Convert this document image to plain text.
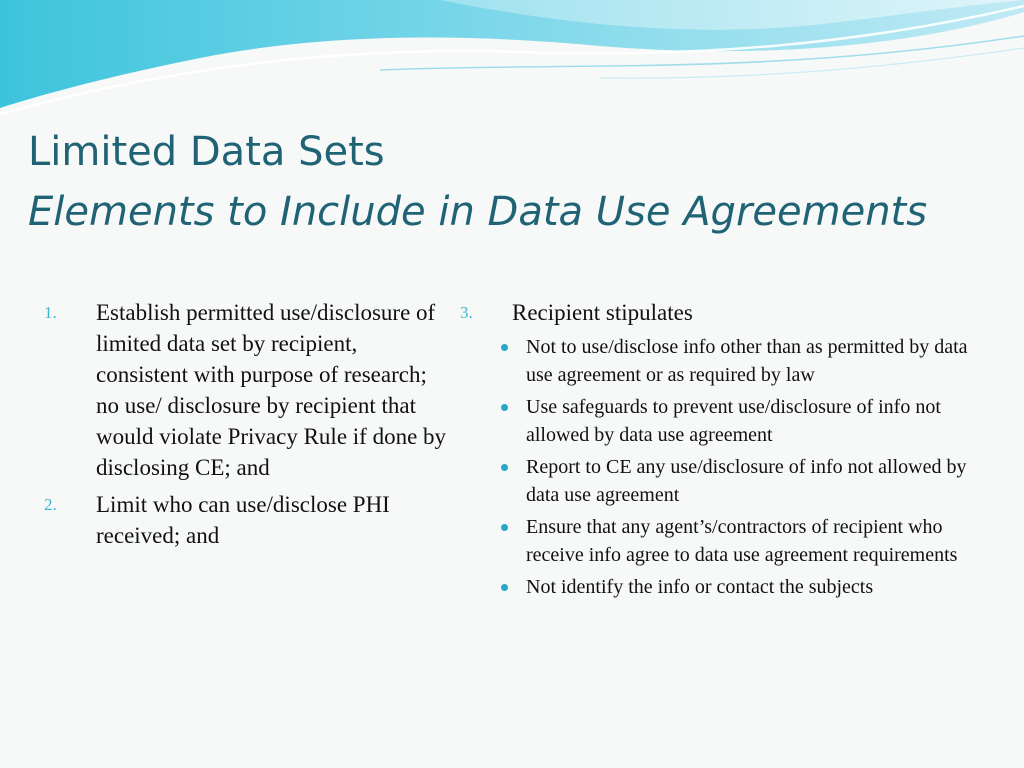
Limited Data Sets
Elements to Include in Data Use Agreements
1. Establish permitted use/disclosure of limited data set by recipient, consistent with purpose of research; no use/ disclosure by recipient that would violate Privacy Rule if done by disclosing CE; and
2. Limit who can use/disclose PHI received; and
3. Recipient stipulates
Not to use/disclose info other than as permitted by data use agreement or as required by law
Use safeguards to prevent use/disclosure of info not allowed by data use agreement
Report to CE any use/disclosure of info not allowed by data use agreement
Ensure that any agent’s/contractors of recipient who receive info agree to data use agreement requirements
Not identify the info or contact the subjects
